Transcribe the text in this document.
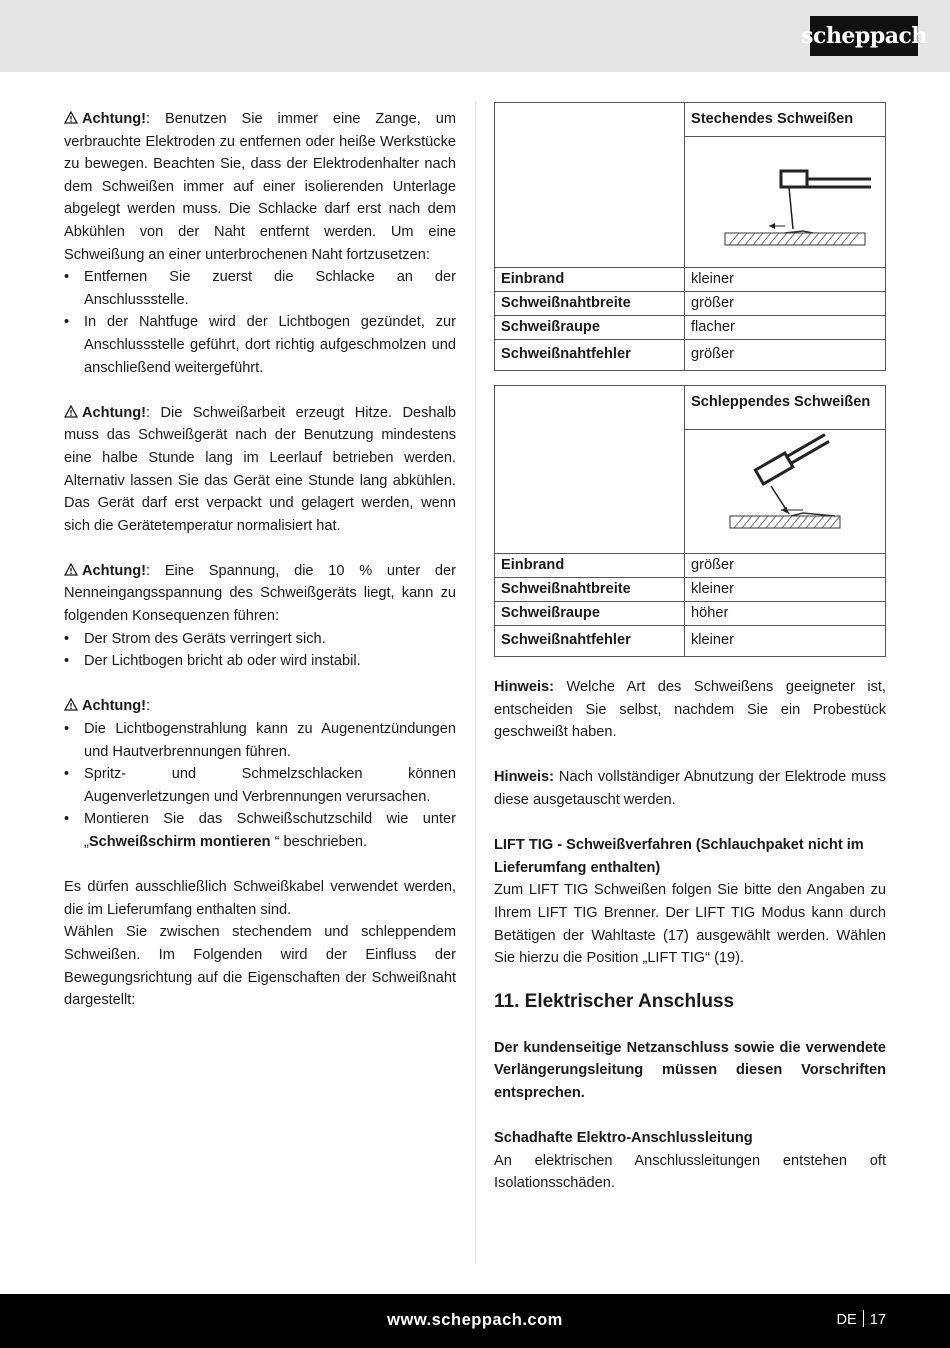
scheppach

Achtung!: Benutzen Sie immer eine Zange, um verbrauchte Elektroden zu entfernen oder heiße Werkstücke zu bewegen. Beachten Sie, dass der Elektrodenhalter nach dem Schweißen immer auf einer isolierenden Unterlage abgelegt werden muss. Die Schlacke darf erst nach dem Abkühlen von der Naht entfernt werden. Um eine Schweißung an einer unterbrochenen Naht fortzusetzen:

• Entfernen Sie zuerst die Schlacke an der Anschlussstelle.
• In der Nahtfuge wird der Lichtbogen gezündet, zur Anschlussstelle geführt, dort richtig aufgeschmolzen und anschließend weitergeführt.

Achtung!: Die Schweißarbeit erzeugt Hitze. Deshalb muss das Schweißgerät nach der Benutzung mindestens eine halbe Stunde lang im Leerlauf betrieben werden. Alternativ lassen Sie das Gerät eine Stunde lang abkühlen. Das Gerät darf erst verpackt und gelagert werden, wenn sich die Gerätetemperatur normalisiert hat.

Achtung!: Eine Spannung, die 10 % unter der Nenneingangsspannung des Schweißgeräts liegt, kann zu folgenden Konsequenzen führen:

• Der Strom des Geräts verringert sich.
• Der Lichtbogen bricht ab oder wird instabil.

Achtung!:

• Die Lichtbogenstrahlung kann zu Augenentzündungen und Hautverbrennungen führen.
• Spritz- und Schmelzschlacken können Augenverletzungen und Verbrennungen verursachen.
• Montieren Sie das Schweißschutzschild wie unter „Schweißschirm montieren “ beschrieben.

Es dürfen ausschließlich Schweißkabel verwendet werden, die im Lieferumfang enthalten sind.

Wählen Sie zwischen stechendem und schleppendem Schweißen. Im Folgenden wird der Einfluss der Bewegungsrichtung auf die Eigenschaften der Schweißnaht dargestellt:

	Stechendes Schweißen

Einbrand	kleiner
Schweißnahtbreite	größer
Schweißraupe	flacher
Schweißnahtfehler	größer
	Schleppendes Schweißen

Einbrand	größer
Schweißnahtbreite	kleiner
Schweißraupe	höher
Schweißnahtfehler	kleiner

Hinweis: Welche Art des Schweißens geeigneter ist, entscheiden Sie selbst, nachdem Sie ein Probestück geschweißt haben.

Hinweis: Nach vollständiger Abnutzung der Elektrode muss diese ausgetauscht werden.

LIFT TIG - Schweißverfahren (Schlauchpaket nicht im Lieferumfang enthalten)

Zum LIFT TIG Schweißen folgen Sie bitte den Angaben zu Ihrem LIFT TIG Brenner. Der LIFT TIG Modus kann durch Betätigen der Wahltaste (17) ausgewählt werden. Wählen Sie hierzu die Position „LIFT TIG“ (19).

11. Elektrischer Anschluss

Der kundenseitige Netzanschluss sowie die verwendete Verlängerungsleitung müssen diesen Vorschriften entsprechen.

Schadhafte Elektro-Anschlussleitung

An elektrischen Anschlussleitungen entstehen oft Isolationsschäden.

www.scheppach.com	DE 17
